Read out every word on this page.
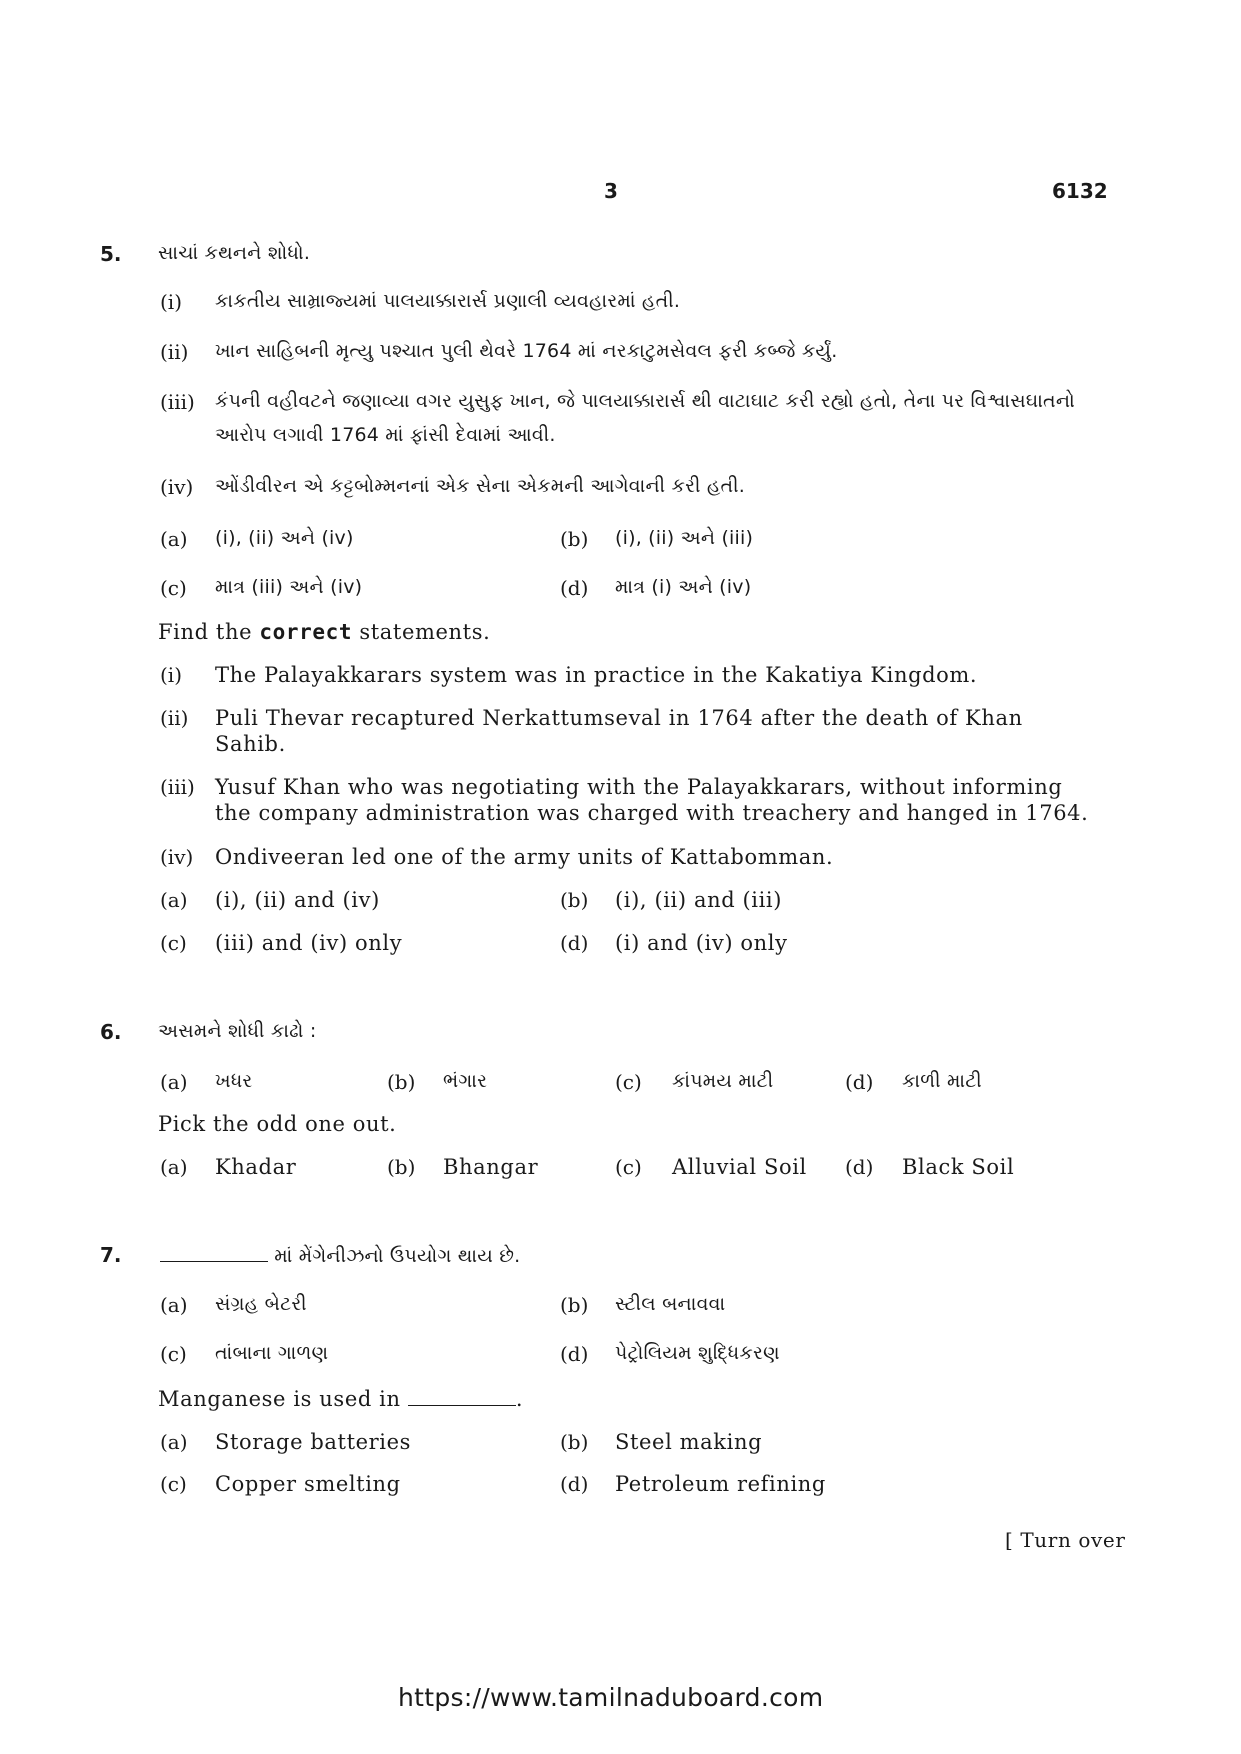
3	6132
5. સાચાં કથનને શોધો.
(i) કાકતીય સામ્રાજ્યમાં પાલયાક્કારાર્સ પ્રણાલી વ્યવહારમાં હતી.
(ii) ખાન સાહિબની મૃત્યુ પશ્ચાત પુલી થેવરે 1764 માં નરકાટુમસેવલ ફરી કબ્જે કર્યું.
(iii) કંપની વહીવટને જણાવ્યા વગર યુસુફ ખાન, જે પાલયાક્કારાર્સ થી વાટાઘાટ કરી રહ્યો હતો, તેના પર વિશ્વાસઘાતનો
આરોપ લગાવી 1764 માં ફાંસી દેવામાં આવી.
(iv) ઓંડીવીરન એ કટ્ટબોમ્મનનાં એક સેના એકમની આગેવાની કરી હતી.
(a) (i), (ii) અને (iv)	(b) (i), (ii) અને (iii)
(c) માત્ર (iii) અને (iv)	(d) માત્ર (i) અને (iv)
Find the correct statements.
(i) The Palayakkarars system was in practice in the Kakatiya Kingdom.
(ii) Puli Thevar recaptured Nerkattumseval in 1764 after the death of Khan
Sahib.
(iii) Yusuf Khan who was negotiating with the Palayakkarars, without informing
the company administration was charged with treachery and hanged in 1764.
(iv) Ondiveeran led one of the army units of Kattabomman.
(a) (i), (ii) and (iv)	(b) (i), (ii) and (iii)
(c) (iii) and (iv) only	(d) (i) and (iv) only
6. અસમને શોધી કાઢો :
(a) ખધર	(b) ભંગાર	(c) કાંપમય માટી	(d) કાળી માટી
Pick the odd one out.
(a) Khadar	(b) Bhangar	(c) Alluvial Soil (d) Black Soil
7.	માં મેંગેનીઝનો ઉપયોગ થાય છે.
(a) સંગ્રહ બેટરી	(b) સ્ટીલ બનાવવા
(c) તાંબાના ગાળણ	(d) પેટ્રોલિયમ શુદ્ધિકરણ
Manganese is used in	.
(a) Storage batteries	(b) Steel making
(c) Copper smelting	(d) Petroleum refining
[ Turn over
https://www.tamilnaduboard.com
